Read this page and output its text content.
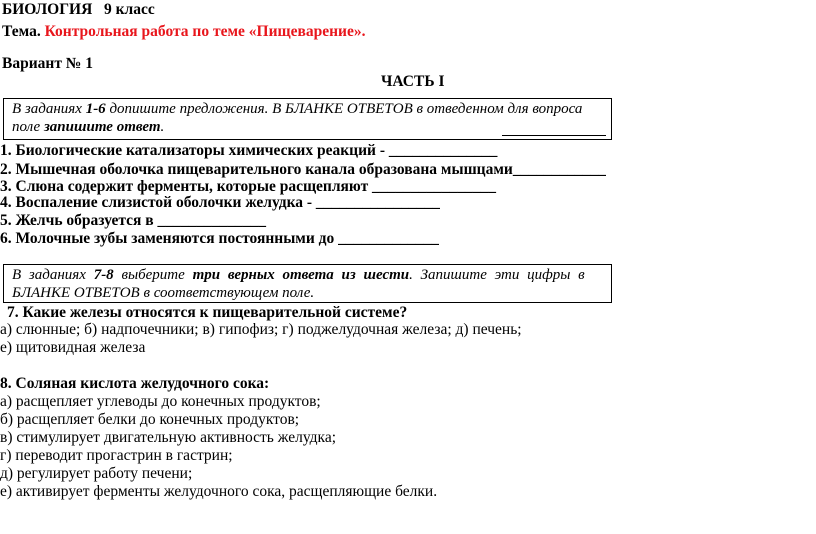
БИОЛОГИЯ 9 класс
Тема. Контрольная работа по теме «Пищеварение».
Вариант № 1
ЧАСТЬ I
В заданиях 1-6 допишите предложения. В БЛАНКЕ ОТВЕТОВ в отведенном для вопроса
поле запишите ответ.
1. Биологические катализаторы химических реакций - ______________
2. Мышечная оболочка пищеварительного канала образована мышцами____________
3. Слюна содержит ферменты, которые расщепляют ________________
4. Воспаление слизистой оболочки желудка - ________________
5. Желчь образуется в ______________
6. Молочные зубы заменяются постоянными до _____________
В заданиях 7-8 выберите три верных ответа из шести. Запишите эти цифры в
БЛАНКЕ ОТВЕТОВ в соответствующем поле.
7. Какие железы относятся к пищеварительной системе?
а) слюнные; б) надпочечники; в) гипофиз; г) поджелудочная железа; д) печень;
е) щитовидная железа
8. Соляная кислота желудочного сока:
а) расщепляет углеводы до конечных продуктов;
б) расщепляет белки до конечных продуктов;
в) стимулирует двигательную активность желудка;
г) переводит прогастрин в гастрин;
д) регулирует работу печени;
е) активирует ферменты желудочного сока, расщепляющие белки.
